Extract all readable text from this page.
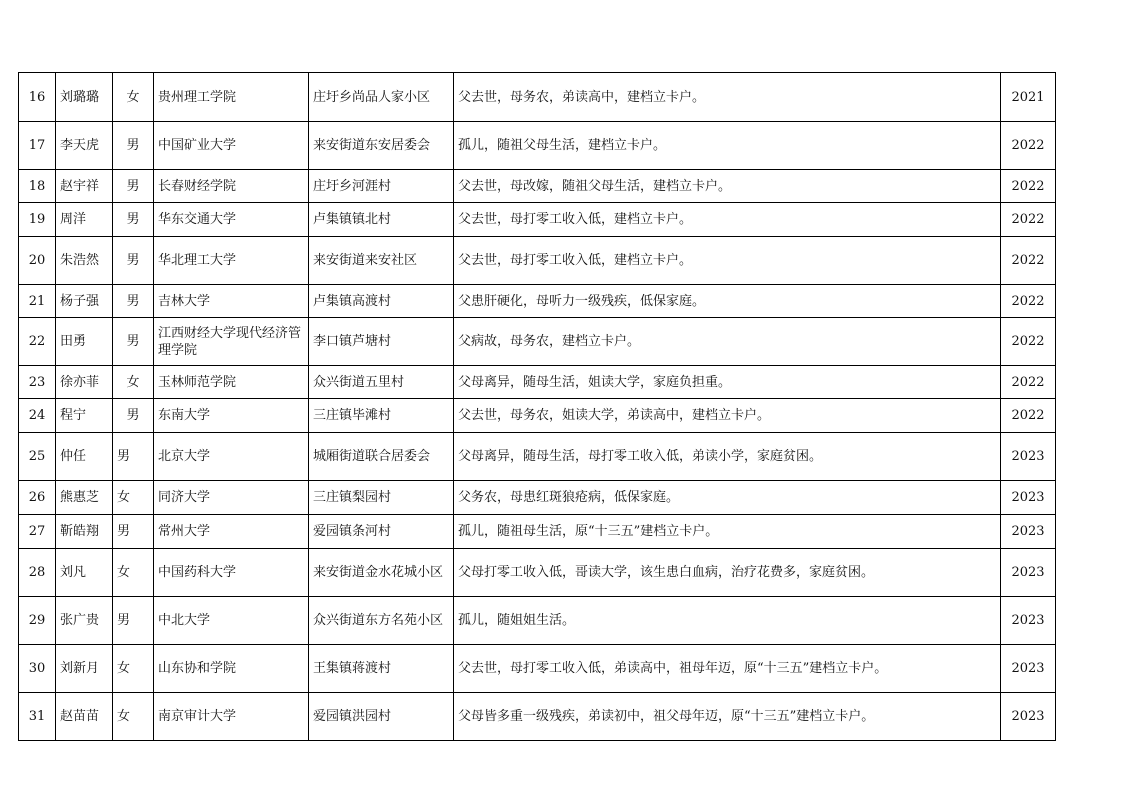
16	刘璐璐	女	贵州理工学院	庄圩乡尚品人家小区	父去世，母务农，弟读高中，建档立卡户。	2021
17	李天虎	男	中国矿业大学	来安街道东安居委会	孤儿，随祖父母生活，建档立卡户。	2022
18	赵宇祥	男	长春财经学院	庄圩乡河涯村	父去世，母改嫁，随祖父母生活，建档立卡户。	2022
19	周洋	男	华东交通大学	卢集镇镇北村	父去世，母打零工收入低，建档立卡户。	2022
20	朱浩然	男	华北理工大学	来安街道来安社区	父去世，母打零工收入低，建档立卡户。	2022
21	杨子强	男	吉林大学	卢集镇高渡村	父患肝硬化，母听力一级残疾，低保家庭。	2022
22	田勇	男	江西财经大学现代经济管理学院	李口镇芦塘村	父病故，母务农，建档立卡户。	2022
23	徐亦菲	女	玉林师范学院	众兴街道五里村	父母离异，随母生活，姐读大学，家庭负担重。	2022
24	程宁	男	东南大学	三庄镇毕滩村	父去世，母务农，姐读大学，弟读高中，建档立卡户。	2022
25	仲任	男	北京大学	城厢街道联合居委会	父母离异，随母生活，母打零工收入低，弟读小学，家庭贫困。	2023
26	熊惠芝	女	同济大学	三庄镇梨园村	父务农，母患红斑狼疮病，低保家庭。	2023
27	靳皓翔	男	常州大学	爱园镇条河村	孤儿，随祖母生活，原“十三五”建档立卡户。	2023
28	刘凡	女	中国药科大学	来安街道金水花城小区	父母打零工收入低，哥读大学，该生患白血病，治疗花费多，家庭贫困。	2023
29	张广贵	男	中北大学	众兴街道东方名苑小区	孤儿，随姐姐生活。	2023
30	刘新月	女	山东协和学院	王集镇蒋渡村	父去世，母打零工收入低，弟读高中，祖母年迈，原“十三五”建档立卡户。	2023
31	赵苗苗	女	南京审计大学	爱园镇洪园村	父母皆多重一级残疾，弟读初中，祖父母年迈，原“十三五”建档立卡户。	2023
